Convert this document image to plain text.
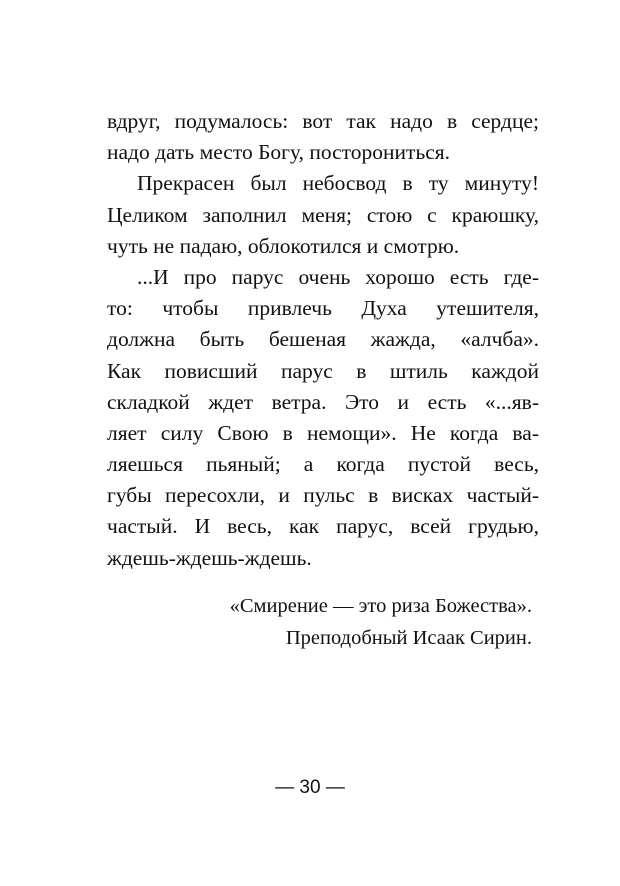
вдруг, подумалось: вот так надо в сердце;
надо дать место Богу, посторониться.
Прекрасен был небосвод в ту минуту!
Целиком заполнил меня; стою с краюшку,
чуть не падаю, облокотился и смотрю.
...И про парус очень хорошо есть где-
то: чтобы привлечь Духа утешителя,
должна быть бешеная жажда, «алчба».
Как повисший парус в штиль каждой
складкой ждет ветра. Это и есть «...яв-
ляет силу Свою в немощи». Не когда ва-
ляешься пьяный; а когда пустой весь,
губы пересохли, и пульс в висках частый-
частый. И весь, как парус, всей грудью,
ждешь-ждешь-ждешь.
«Смирение — это риза Божества».
Преподобный Исаак Сирин.
— 30 —
